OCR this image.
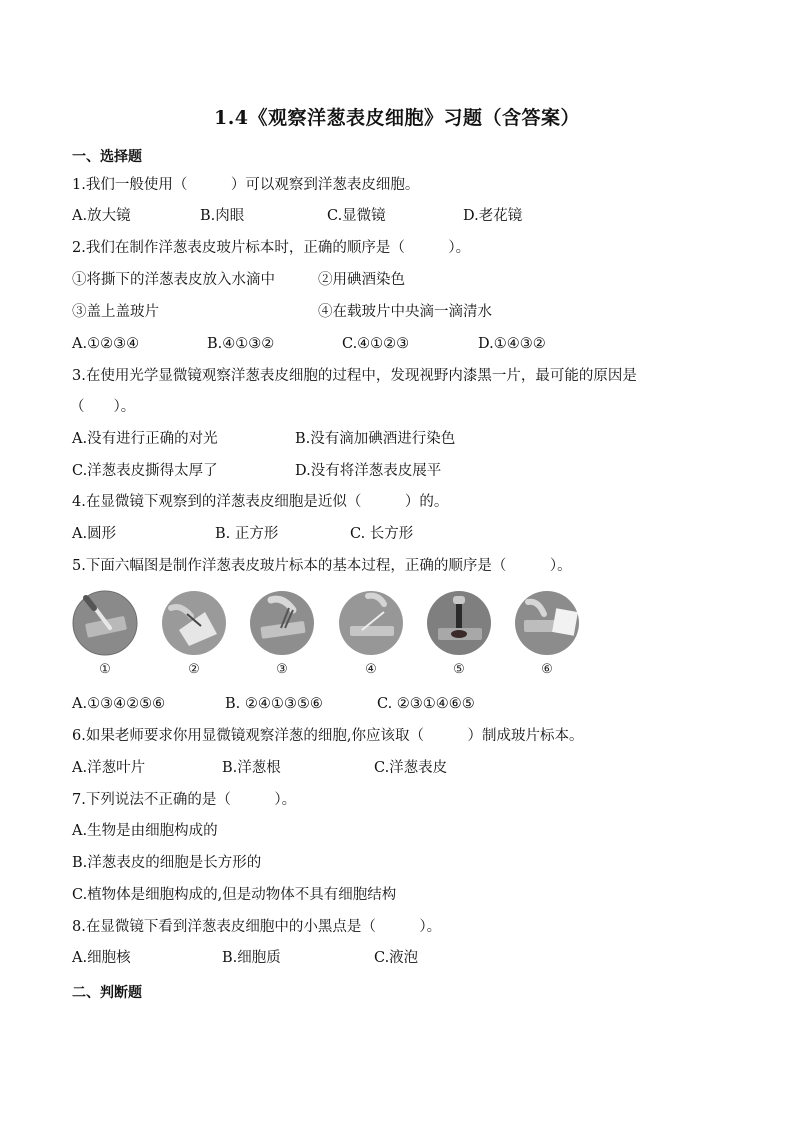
1.4《观察洋葱表皮细胞》习题（含答案）
一、选择题
1.我们一般使用（　　　）可以观察到洋葱表皮细胞。
A.放大镜	B.肉眼	C.显微镜	D.老花镜
2.我们在制作洋葱表皮玻片标本时，正确的顺序是（　　　）。
①将撕下的洋葱表皮放入水滴中	②用碘酒染色
③盖上盖玻片	④在载玻片中央滴一滴清水
A.①②③④	B.④①③②	C.④①②③	D.①④③②
3.在使用光学显微镜观察洋葱表皮细胞的过程中，发现视野内漆黑一片，最可能的原因是
（　　）。
A.没有进行正确的对光	B.没有滴加碘酒进行染色
C.洋葱表皮撕得太厚了	D.没有将洋葱表皮展平
4.在显微镜下观察到的洋葱表皮细胞是近似（　　　）的。
A.圆形	B. 正方形	C. 长方形
5.下面六幅图是制作洋葱表皮玻片标本的基本过程，正确的顺序是（　　　）。
①	②	③	④	⑤	⑥
A.①③④②⑤⑥	B. ②④①③⑤⑥	C. ②③①④⑥⑤
6.如果老师要求你用显微镜观察洋葱的细胞,你应该取（　　　）制成玻片标本。
A.洋葱叶片	B.洋葱根	C.洋葱表皮
7.下列说法不正确的是（　　　）。
A.生物是由细胞构成的
B.洋葱表皮的细胞是长方形的
C.植物体是细胞构成的,但是动物体不具有细胞结构
8.在显微镜下看到洋葱表皮细胞中的小黑点是（　　　）。
A.细胞核	B.细胞质	C.液泡
二、判断题
